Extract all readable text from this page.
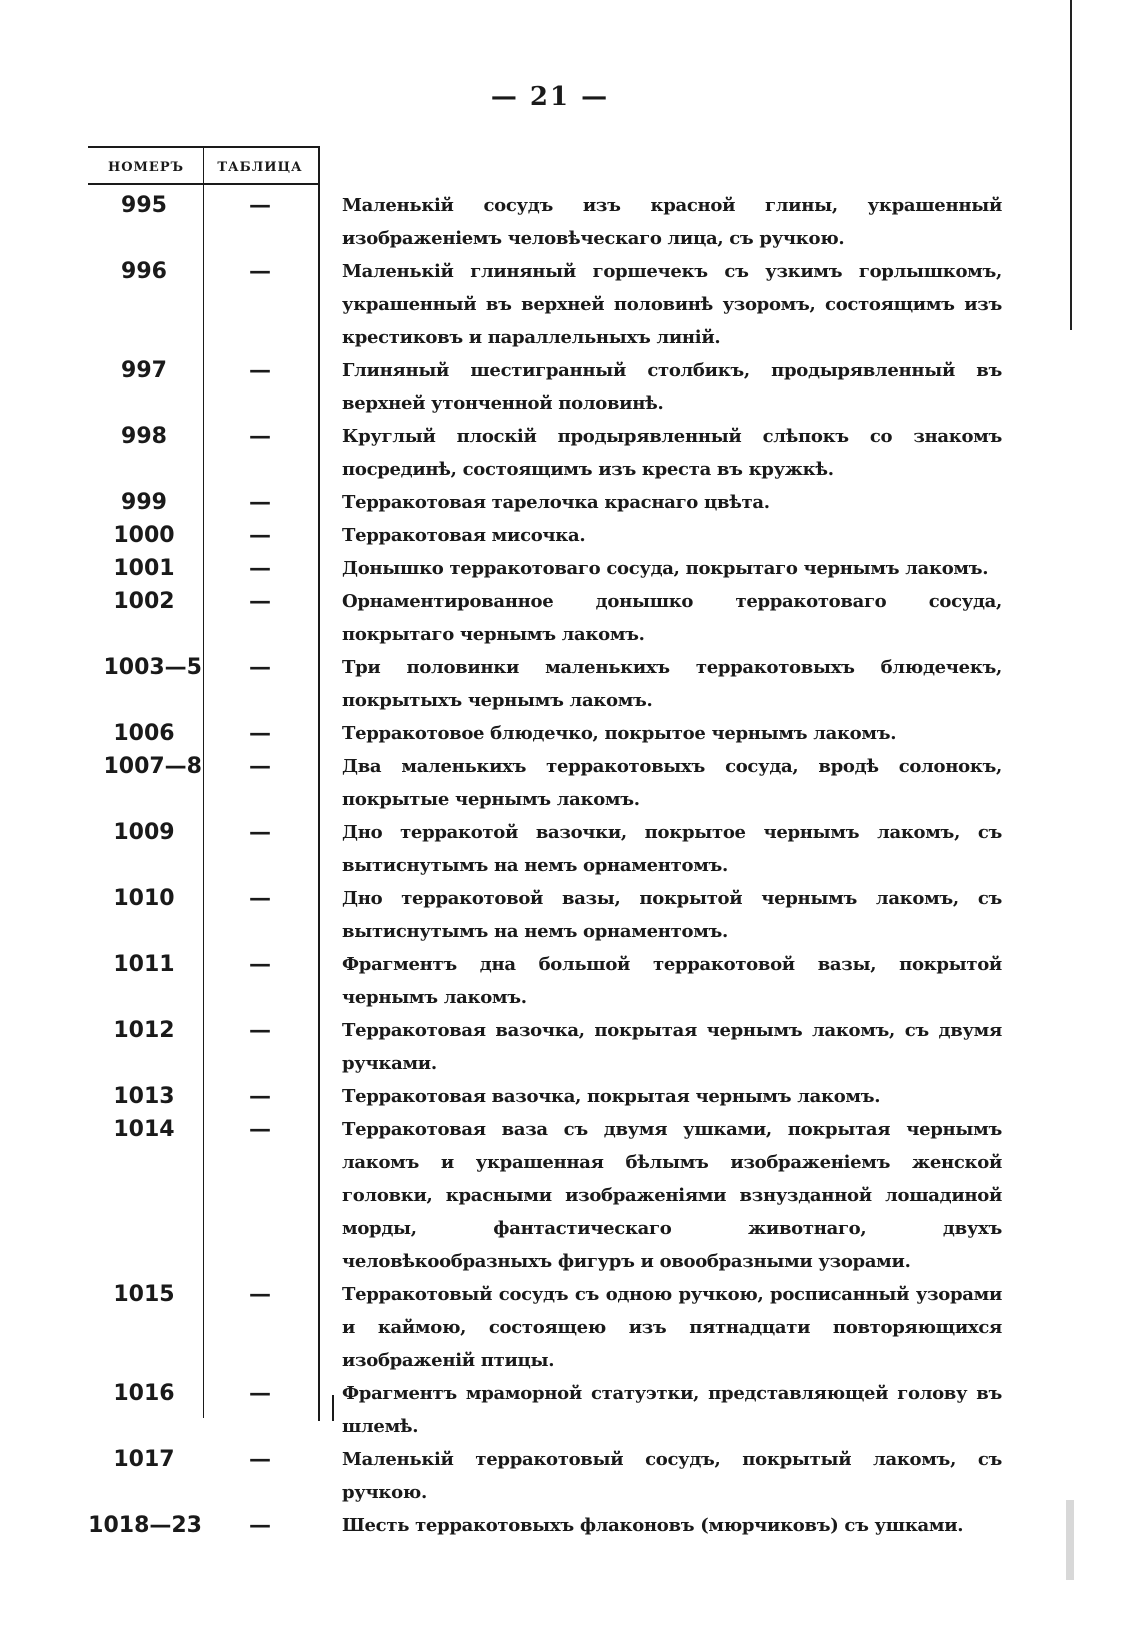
— 21 —
НОМЕРЪ	ТАБЛИЦА
995	—	Маленькій сосудъ изъ красной глины, украшенный изображеніемъ человѣческаго лица, съ ручкою.
996	—	Маленькій глиняный горшечекъ съ узкимъ горлышкомъ, украшенный въ верхней половинѣ узоромъ, состоящимъ изъ крестиковъ и параллельныхъ линій.
997	—	Глиняный шестигранный столбикъ, продырявленный въ верхней утонченной половинѣ.
998	—	Круглый плоскій продырявленный слѣпокъ со знакомъ посрединѣ, состоящимъ изъ креста въ кружкѣ.
999	—	Терракотовая тарелочка краснаго цвѣта.
1000	—	Терракотовая мисочка.
1001	—	Донышко терракотоваго сосуда, покрытаго чернымъ лакомъ.
1002	—	Орнаментированное донышко терракотоваго сосуда, покрытаго чернымъ лакомъ.
1003—5	—	Три половинки маленькихъ терракотовыхъ блюдечекъ, покрытыхъ чернымъ лакомъ.
1006	—	Терракотовое блюдечко, покрытое чернымъ лакомъ.
1007—8	—	Два маленькихъ терракотовыхъ сосуда, вродѣ солонокъ, покрытые чернымъ лакомъ.
1009	—	Дно терракотой вазочки, покрытое чернымъ лакомъ, съ вытиснутымъ на немъ орнаментомъ.
1010	—	Дно терракотовой вазы, покрытой чернымъ лакомъ, съ вытиснутымъ на немъ орнаментомъ.
1011	—	Фрагментъ дна большой терракотовой вазы, покрытой чернымъ лакомъ.
1012	—	Терракотовая вазочка, покрытая чернымъ лакомъ, съ двумя ручками.
1013	—	Терракотовая вазочка, покрытая чернымъ лакомъ.
1014	—	Терракотовая ваза съ двумя ушками, покрытая чернымъ лакомъ и украшенная бѣлымъ изображеніемъ женской головки, красными изображеніями взнузданной лошадиной морды, фантастическаго животнаго, двухъ человѣкообразныхъ фигуръ и овообразными узорами.
1015	—	Терракотовый сосудъ съ одною ручкою, росписанный узорами и каймою, состоящею изъ пятнадцати повторяющихся изображеній птицы.
1016	—	Фрагментъ мраморной статуэтки, представляющей голову въ шлемѣ.
1017	—	Маленькій терракотовый сосудъ, покрытый лакомъ, съ ручкою.
1018—23	—	Шесть терракотовыхъ флаконовъ (мюрчиковъ) съ ушками.
